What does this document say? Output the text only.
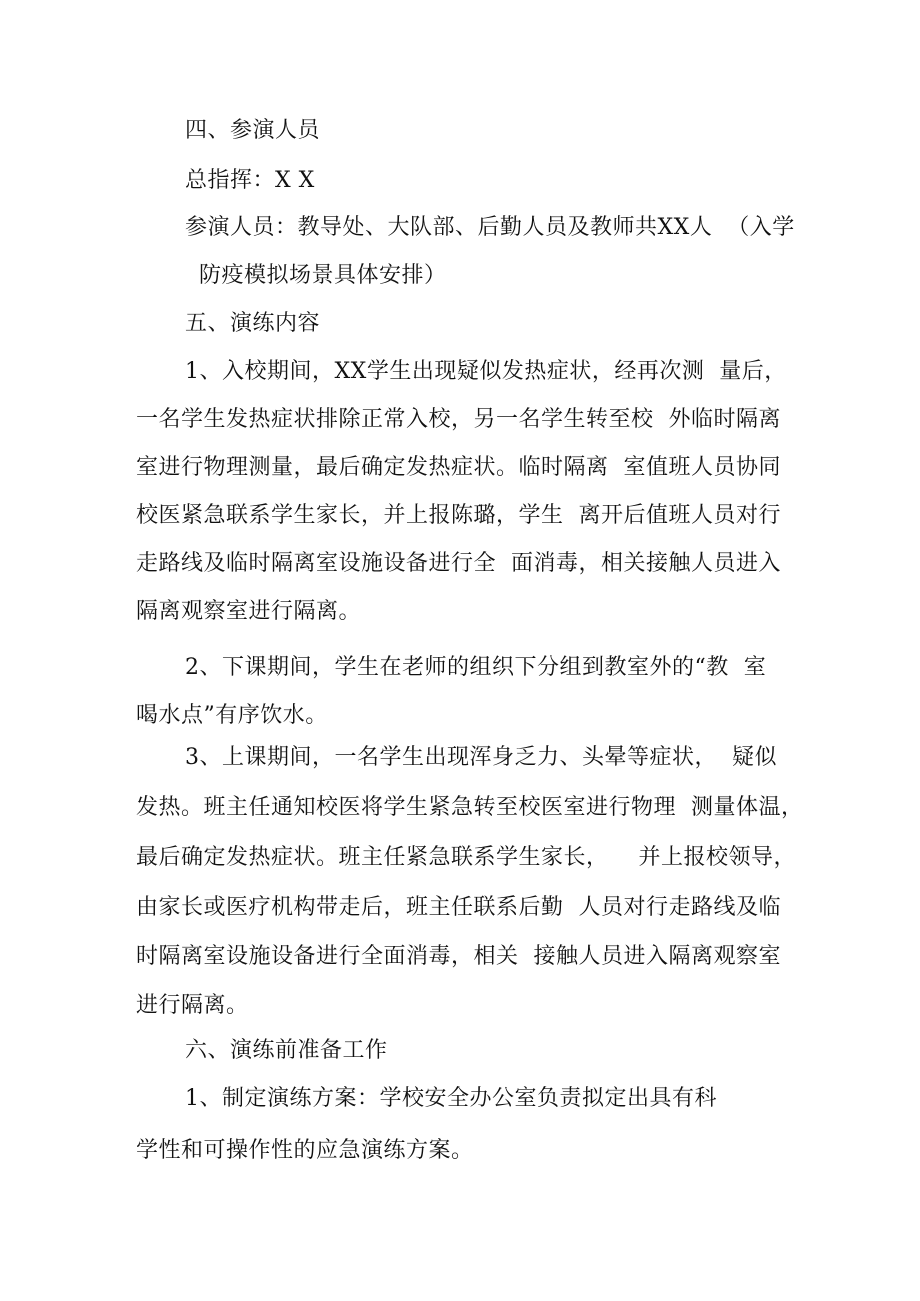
四、参演人员
总指挥：X X
参演人员：教导处、大队部、后勤人员及教师共XX人  （入学
防疫模拟场景具体安排）
五、演练内容
1、入校期间，XX学生出现疑似发热症状，经再次测  量后，
一名学生发热症状排除正常入校，另一名学生转至校  外临时隔离
室进行物理测量，最后确定发热症状。临时隔离  室值班人员协同
校医紧急联系学生家长，并上报陈璐，学生  离开后值班人员对行
走路线及临时隔离室设施设备进行全  面消毒，相关接触人员进入
隔离观察室进行隔离。
2、下课期间，学生在老师的组织下分组到教室外的“教  室
喝水点”有序饮水。
3、上课期间，一名学生出现浑身乏力、头晕等症状，  疑似
发热。班主任通知校医将学生紧急转至校医室进行物理  测量体温，
最后确定发热症状。班主任紧急联系学生家长，    并上报校领导，
由家长或医疗机构带走后，班主任联系后勤  人员对行走路线及临
时隔离室设施设备进行全面消毒，相关  接触人员进入隔离观察室
进行隔离。
六、演练前准备工作
1、制定演练方案：学校安全办公室负责拟定出具有科
学性和可操作性的应急演练方案。
